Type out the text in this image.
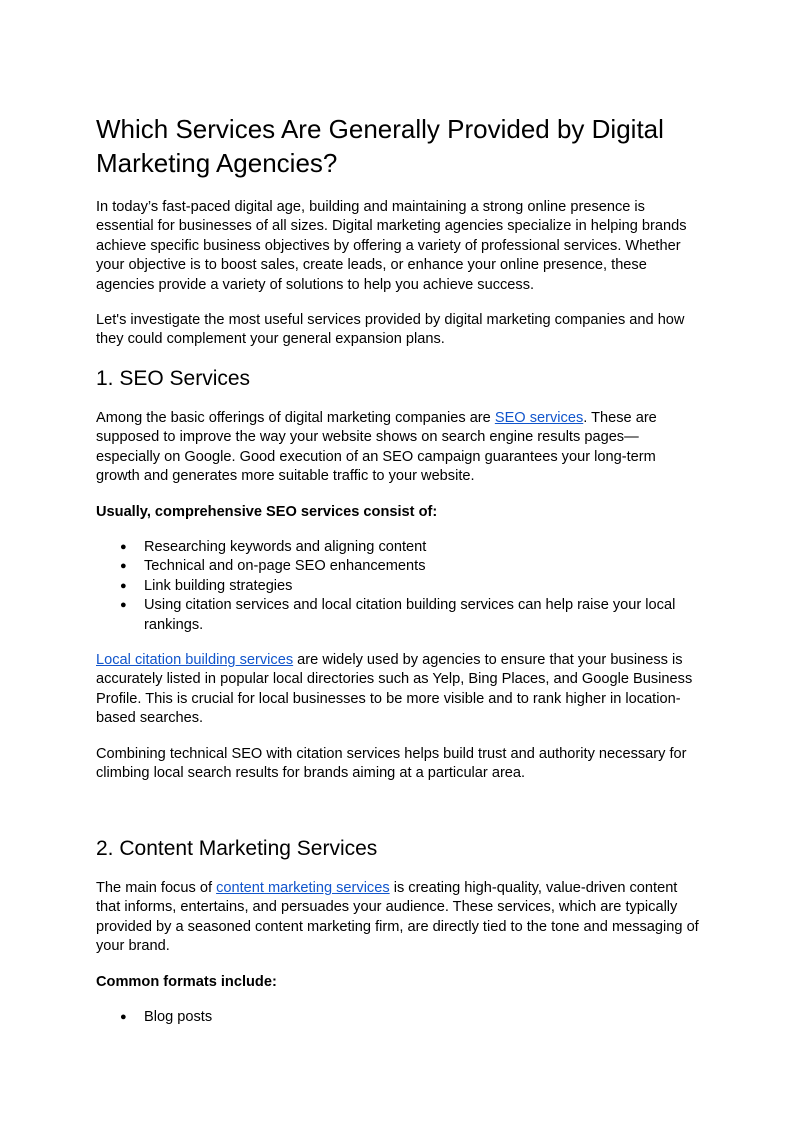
Which Services Are Generally Provided by Digital Marketing Agencies?

In today’s fast-paced digital age, building and maintaining a strong online presence is essential for businesses of all sizes. Digital marketing agencies specialize in helping brands achieve specific business objectives by offering a variety of professional services. Whether your objective is to boost sales, create leads, or enhance your online presence, these agencies provide a variety of solutions to help you achieve success.

Let's investigate the most useful services provided by digital marketing companies and how they could complement your general expansion plans.

1. SEO Services

Among the basic offerings of digital marketing companies are SEO services. These are supposed to improve the way your website shows on search engine results pages—especially on Google. Good execution of an SEO campaign guarantees your long-term growth and generates more suitable traffic to your website.

Usually, comprehensive SEO services consist of:

● Researching keywords and aligning content
● Technical and on-page SEO enhancements
● Link building strategies
● Using citation services and local citation building services can help raise your local rankings.

Local citation building services are widely used by agencies to ensure that your business is accurately listed in popular local directories such as Yelp, Bing Places, and Google Business Profile. This is crucial for local businesses to be more visible and to rank higher in location-based searches.

Combining technical SEO with citation services helps build trust and authority necessary for climbing local search results for brands aiming at a particular area.

2. Content Marketing Services

The main focus of content marketing services is creating high-quality, value-driven content that informs, entertains, and persuades your audience. These services, which are typically provided by a seasoned content marketing firm, are directly tied to the tone and messaging of your brand.

Common formats include:

● Blog posts
